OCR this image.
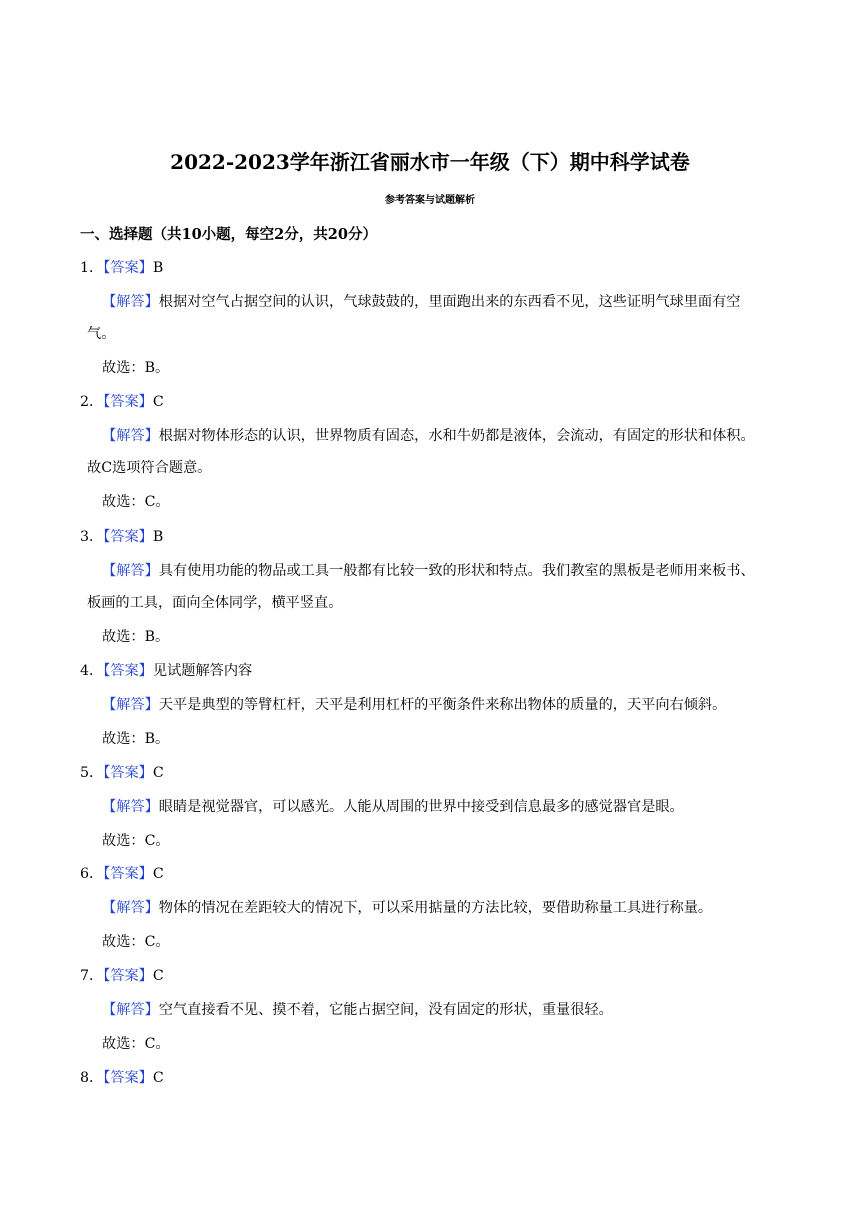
2022-2023学年浙江省丽水市一年级（下）期中科学试卷
参考答案与试题解析
一、选择题（共10小题，每空2分，共20分）
1．【答案】B
【解答】根据对空气占据空间的认识，气球鼓鼓的，里面跑出来的东西看不见，这些证明气球里面有空
气。
故选：B。
2．【答案】C
【解答】根据对物体形态的认识，世界物质有固态，水和牛奶都是液体，会流动，有固定的形状和体积。
故C选项符合题意。
故选：C。
3．【答案】B
【解答】具有使用功能的物品或工具一般都有比较一致的形状和特点。我们教室的黑板是老师用来板书、
板画的工具，面向全体同学，横平竖直。
故选：B。
4．【答案】见试题解答内容
【解答】天平是典型的等臂杠杆，天平是利用杠杆的平衡条件来称出物体的质量的，天平向右倾斜。
故选：B。
5．【答案】C
【解答】眼睛是视觉器官，可以感光。人能从周围的世界中接受到信息最多的感觉器官是眼。
故选：C。
6．【答案】C
【解答】物体的情况在差距较大的情况下，可以采用掂量的方法比较，要借助称量工具进行称量。
故选：C。
7．【答案】C
【解答】空气直接看不见、摸不着，它能占据空间，没有固定的形状，重量很轻。
故选：C。
8．【答案】C
